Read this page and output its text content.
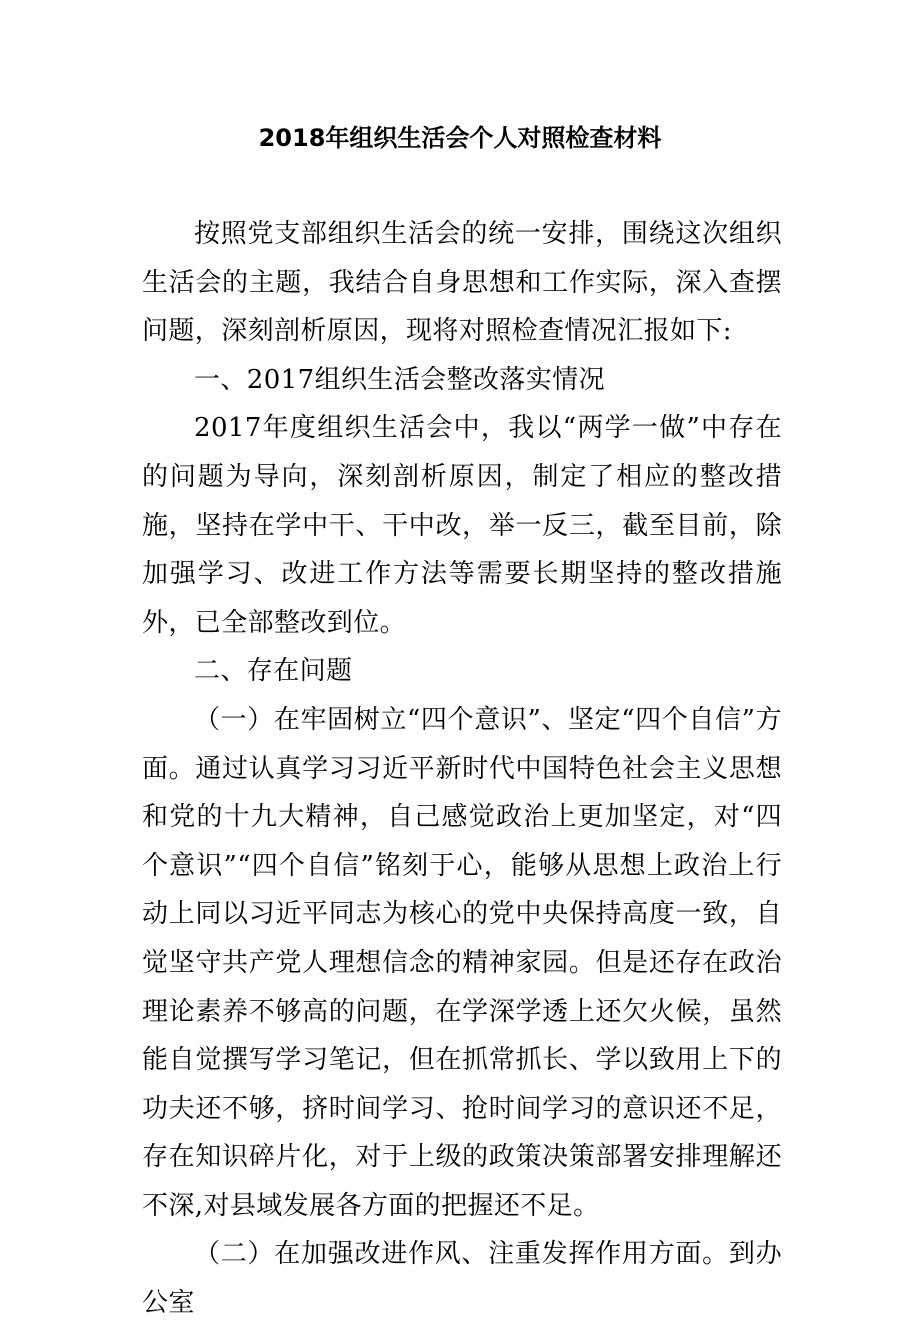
2018年组织生活会个人对照检查材料

按照党支部组织生活会的统一安排，围绕这次组织生活会的主题，我结合自身思想和工作实际，深入查摆问题，深刻剖析原因，现将对照检查情况汇报如下:

一、2017组织生活会整改落实情况

2017年度组织生活会中，我以“两学一做”中存在的问题为导向，深刻剖析原因，制定了相应的整改措施，坚持在学中干、干中改，举一反三，截至目前，除加强学习、改进工作方法等需要长期坚持的整改措施外，已全部整改到位。

二、存在问题

（一）在牢固树立“四个意识”、坚定“四个自信”方面。通过认真学习习近平新时代中国特色社会主义思想和党的十九大精神，自己感觉政治上更加坚定，对“四个意识”“四个自信”铭刻于心，能够从思想上政治上行动上同以习近平同志为核心的党中央保持高度一致，自觉坚守共产党人理想信念的精神家园。但是还存在政治理论素养不够高的问题，在学深学透上还欠火候，虽然能自觉撰写学习笔记，但在抓常抓长、学以致用上下的功夫还不够，挤时间学习、抢时间学习的意识还不足，存在知识碎片化，对于上级的政策决策部署安排理解还不深,对县域发展各方面的把握还不足。

（二）在加强改进作风、注重发挥作用方面。到办公室
